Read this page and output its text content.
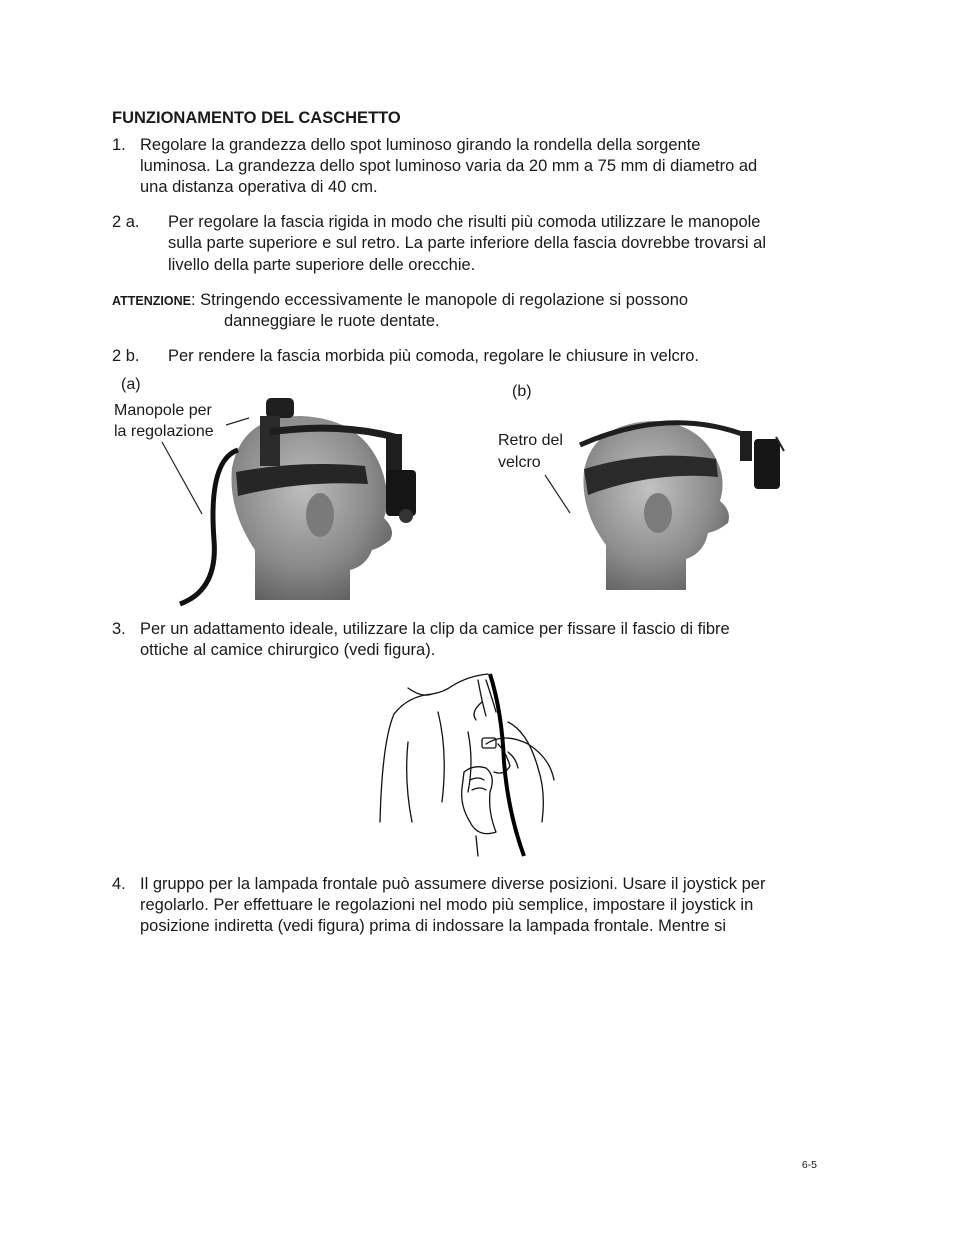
FUNZIONAMENTO DEL CASCHETTO
1. Regolare la grandezza dello spot luminoso girando la rondella della sorgente
luminosa. La grandezza dello spot luminoso varia da 20 mm a 75 mm di diametro ad
una distanza operativa di 40 cm.
2 a. Per regolare la fascia rigida in modo che risulti più comoda utilizzare le manopole
sulla parte superiore e sul retro. La parte inferiore della fascia dovrebbe trovarsi al
livello della parte superiore delle orecchie.
ATTENZIONE: Stringendo eccessivamente le manopole di regolazione si possono
danneggiare le ruote dentate.
2 b. Per rendere la fascia morbida più comoda, regolare le chiusure in velcro.
(a)
Manopole per
la regolazione
(b)
Retro del
velcro
3. Per un adattamento ideale, utilizzare la clip da camice per fissare il fascio di fibre
ottiche al camice chirurgico (vedi figura).
4. Il gruppo per la lampada frontale può assumere diverse posizioni. Usare il joystick per
regolarlo. Per effettuare le regolazioni nel modo più semplice, impostare il joystick in
posizione indiretta (vedi figura) prima di indossare la lampada frontale. Mentre si
6-5
